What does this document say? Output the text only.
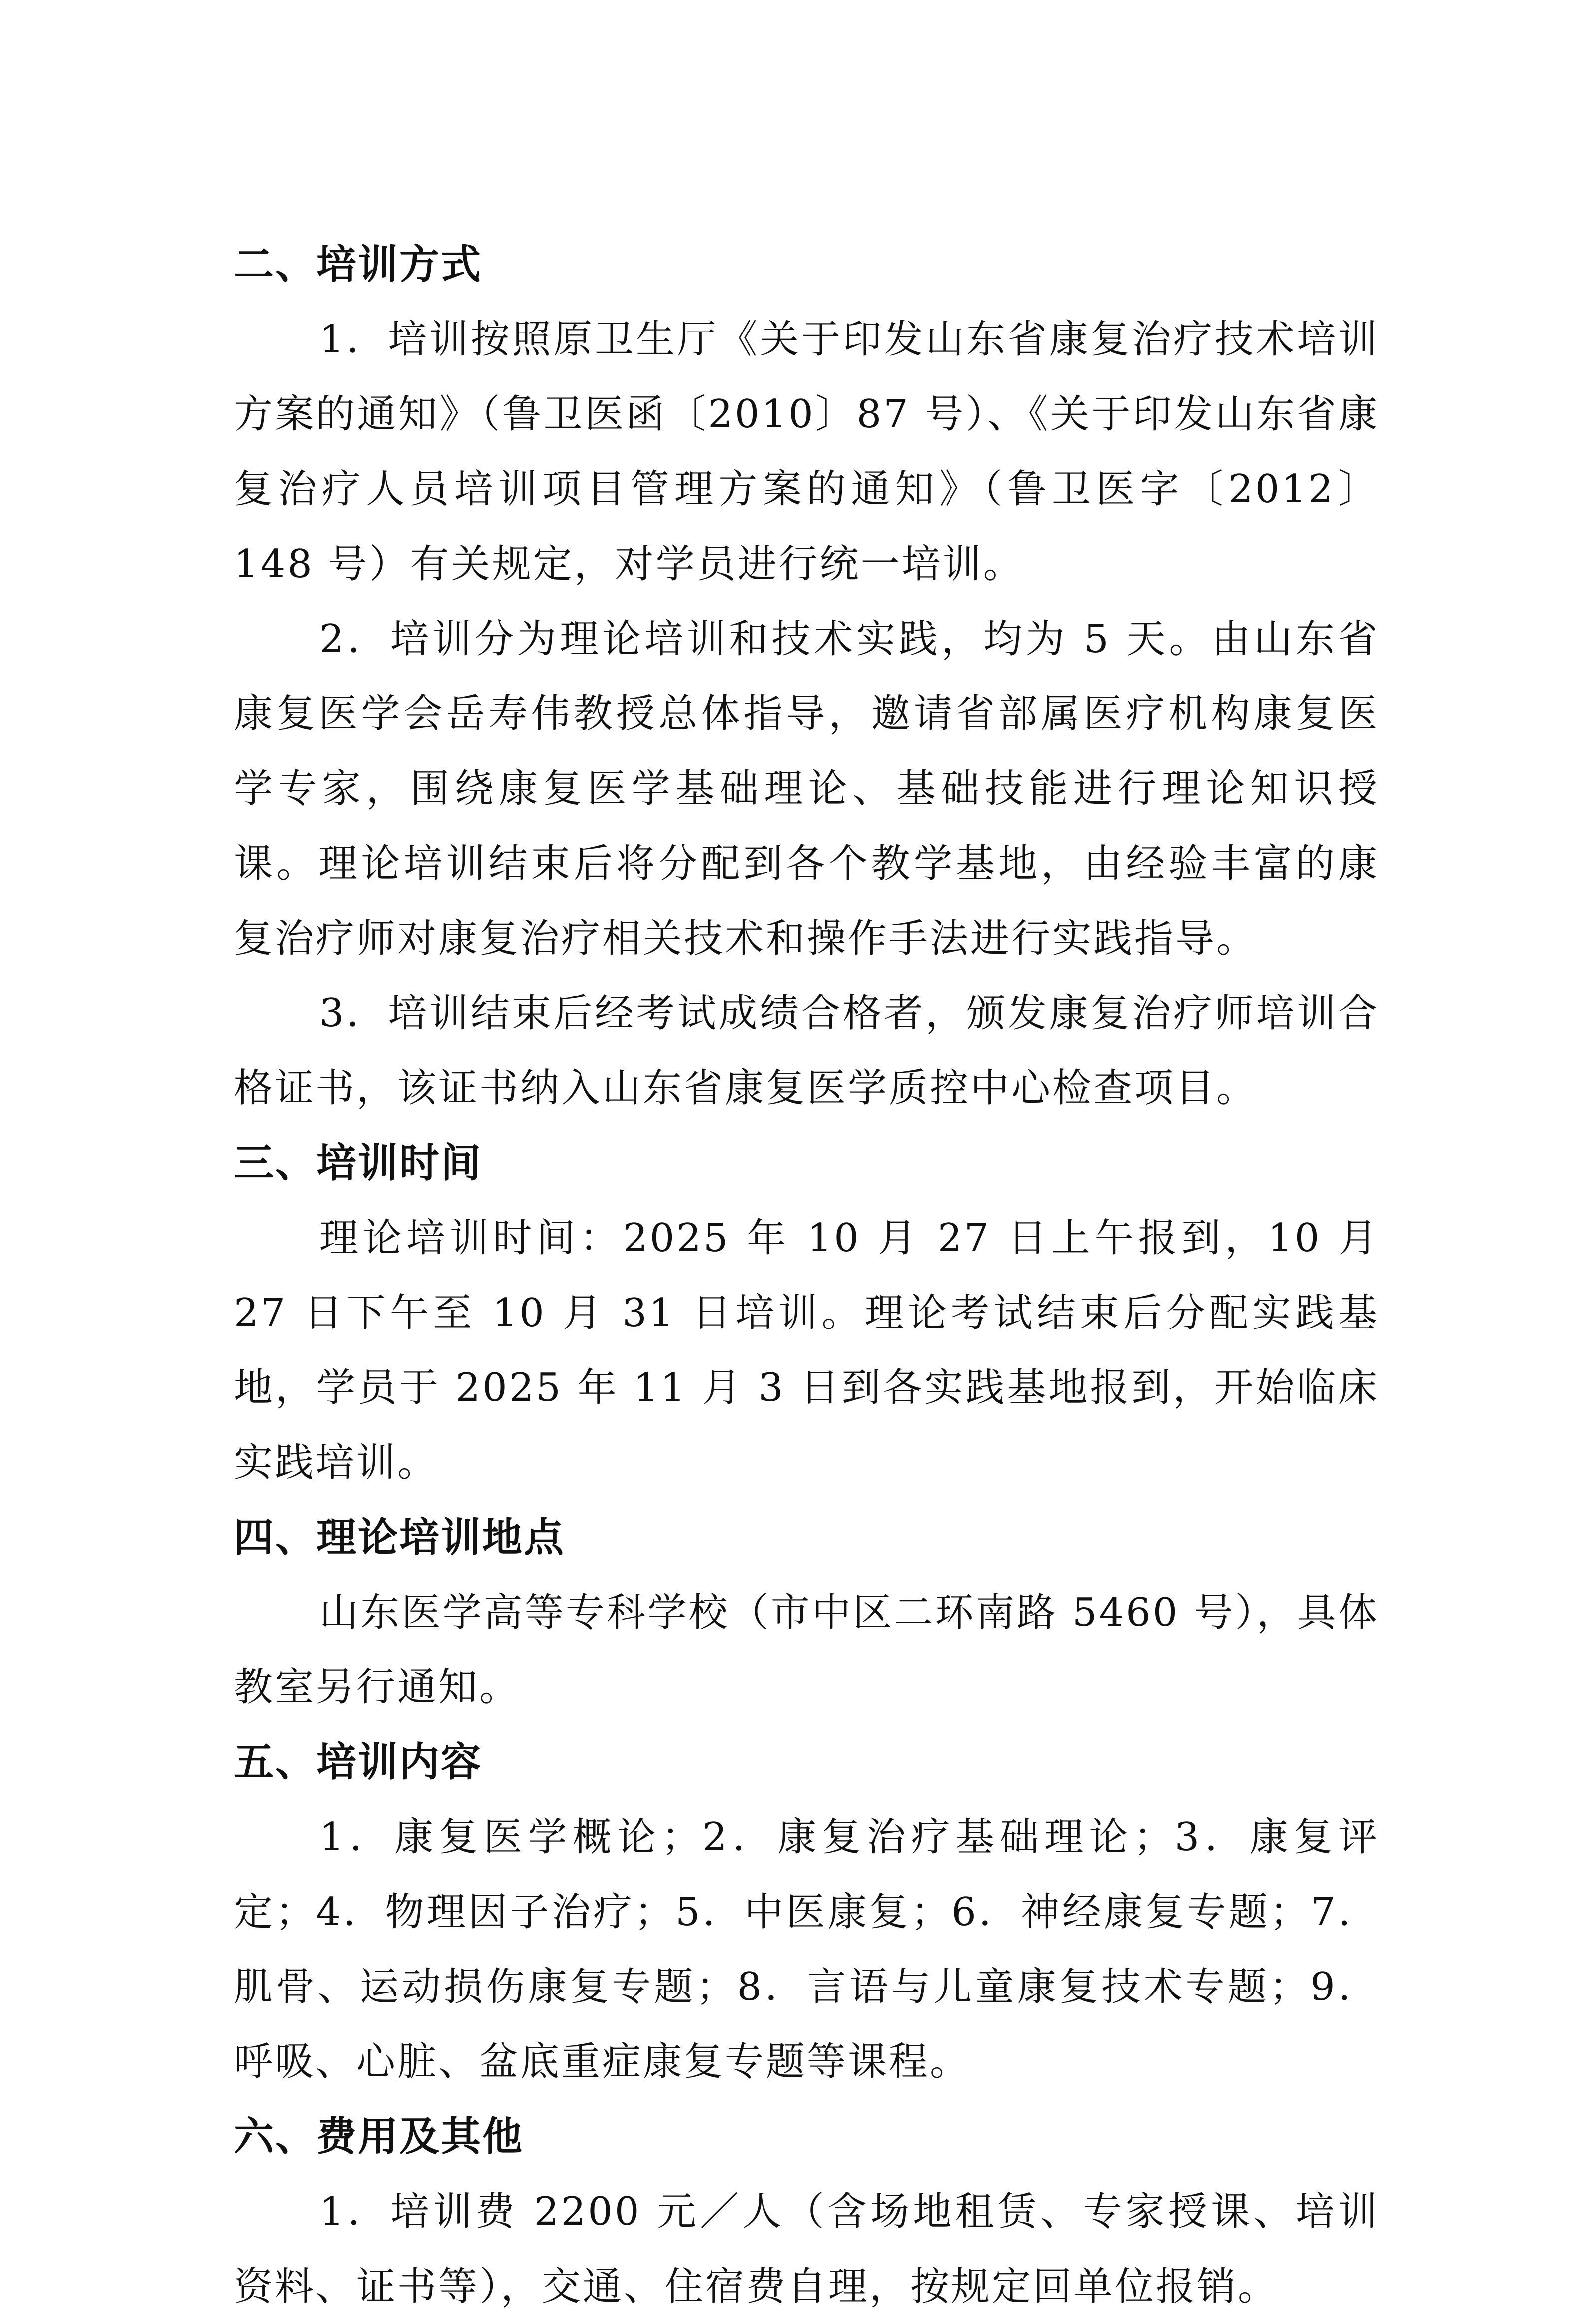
二、培训方式

1．培训按照原卫生厅《关于印发山东省康复治疗技术培训方案的通知》（鲁卫医函〔2010〕87 号）、《关于印发山东省康复治疗人员培训项目管理方案的通知》（鲁卫医字〔2012〕148 号）有关规定，对学员进行统一培训。

2．培训分为理论培训和技术实践，均为 5 天。由山东省康复医学会岳寿伟教授总体指导，邀请省部属医疗机构康复医学专家，围绕康复医学基础理论、基础技能进行理论知识授课。理论培训结束后将分配到各个教学基地，由经验丰富的康复治疗师对康复治疗相关技术和操作手法进行实践指导。

3．培训结束后经考试成绩合格者，颁发康复治疗师培训合格证书，该证书纳入山东省康复医学质控中心检查项目。

三、培训时间

理论培训时间：2025 年 10 月 27 日上午报到，10 月 27 日下午至 10 月 31 日培训。理论考试结束后分配实践基地，学员于 2025 年 11 月 3 日到各实践基地报到，开始临床实践培训。

四、理论培训地点

山东医学高等专科学校（市中区二环南路 5460 号），具体教室另行通知。

五、培训内容

1．康复医学概论；2．康复治疗基础理论；3．康复评定；4．物理因子治疗；5．中医康复；6．神经康复专题；7．肌骨、运动损伤康复专题；8．言语与儿童康复技术专题；9．呼吸、心脏、盆底重症康复专题等课程。

六、费用及其他

1．培训费 2200 元／人（含场地租赁、专家授课、培训资料、证书等），交通、住宿费自理，按规定回单位报销。
